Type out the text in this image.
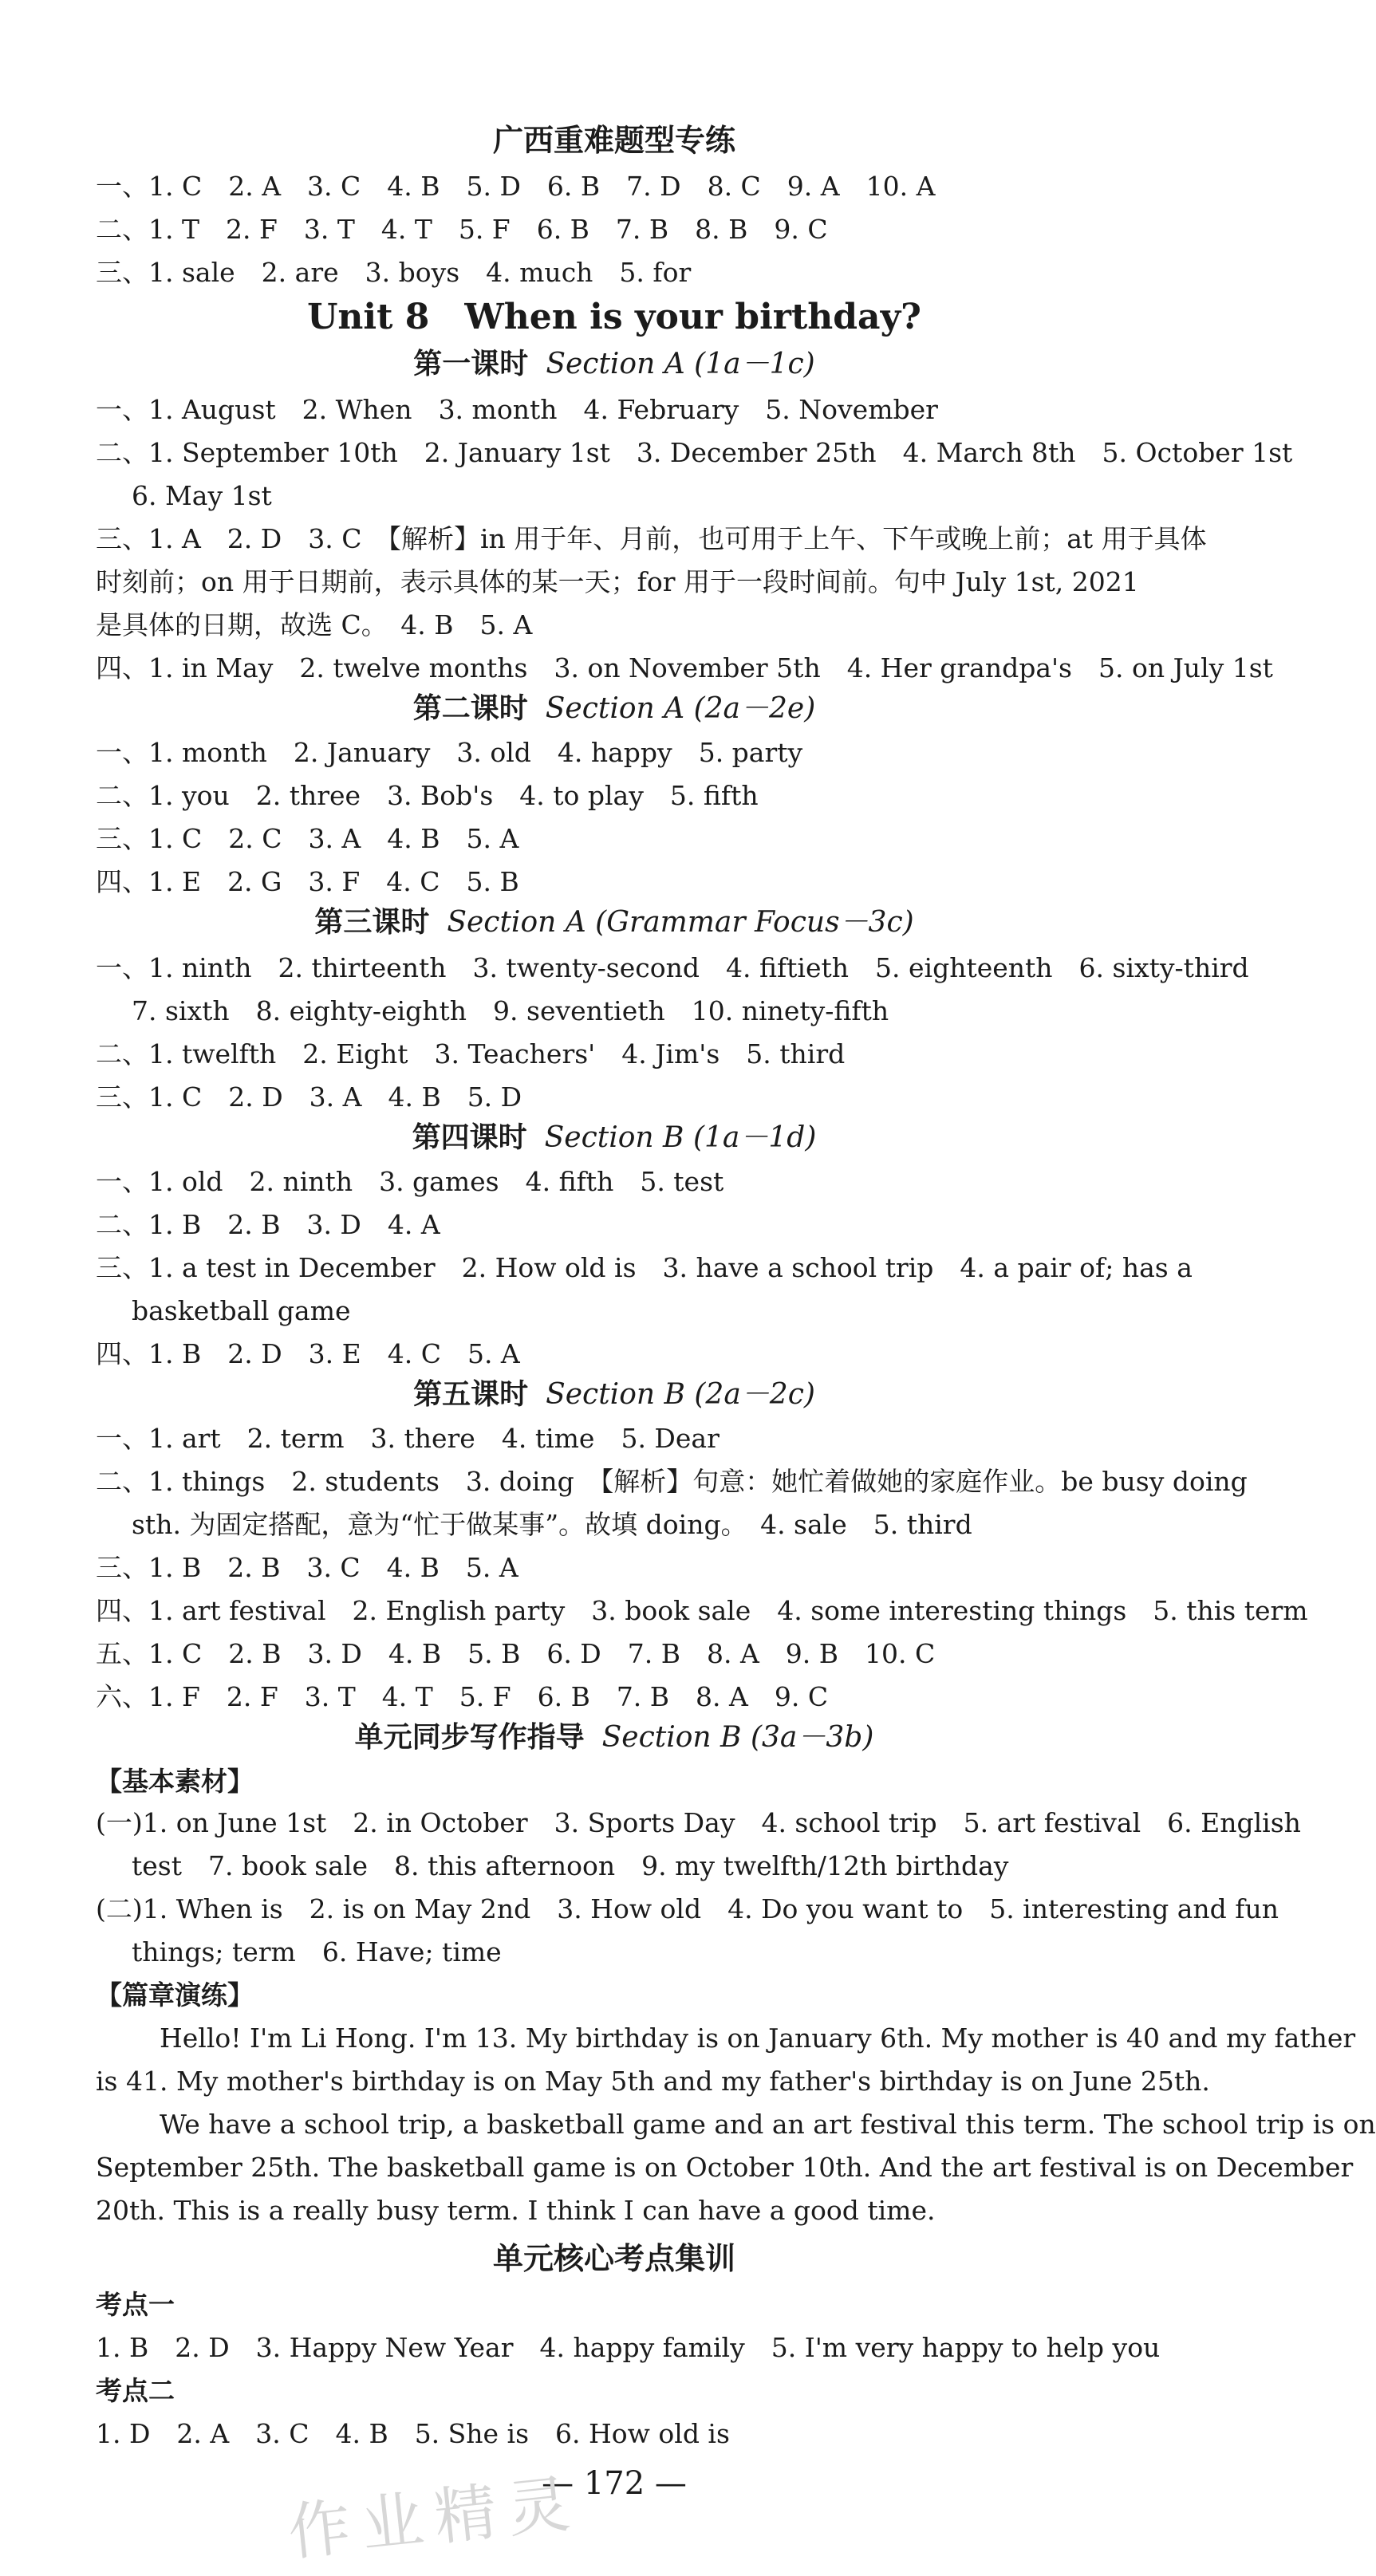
广西重难题型专练
一、1. C　2. A　3. C　4. B　5. D　6. B　7. D　8. C　9. A　10. A
二、1. T　2. F　3. T　4. T　5. F　6. B　7. B　8. B　9. C
三、1. sale　2. are　3. boys　4. much　5. for
Unit 8　When is your birthday?
第一课时 Section A (1a－1c)
一、1. August　2. When　3. month　4. February　5. November
二、1. September 10th　2. January 1st　3. December 25th　4. March 8th　5. October 1st
6. May 1st
三、1. A　2. D　3. C　【解析】in 用于年、月前，也可用于上午、下午或晚上前；at 用于具体
时刻前；on 用于日期前，表示具体的某一天；for 用于一段时间前。句中 July 1st, 2021
是具体的日期，故选 C。　4. B　5. A
四、1. in May　2. twelve months　3. on November 5th　4. Her grandpa's　5. on July 1st
第二课时 Section A (2a－2e)
一、1. month　2. January　3. old　4. happy　5. party
二、1. you　2. three　3. Bob's　4. to play　5. fifth
三、1. C　2. C　3. A　4. B　5. A
四、1. E　2. G　3. F　4. C　5. B
第三课时 Section A (Grammar Focus－3c)
一、1. ninth　2. thirteenth　3. twenty-second　4. fiftieth　5. eighteenth　6. sixty-third
7. sixth　8. eighty-eighth　9. seventieth　10. ninety-fifth
二、1. twelfth　2. Eight　3. Teachers'　4. Jim's　5. third
三、1. C　2. D　3. A　4. B　5. D
第四课时 Section B (1a－1d)
一、1. old　2. ninth　3. games　4. fifth　5. test
二、1. B　2. B　3. D　4. A
三、1. a test in December　2. How old is　3. have a school trip　4. a pair of; has a
basketball game
四、1. B　2. D　3. E　4. C　5. A
第五课时 Section B (2a－2c)
一、1. art　2. term　3. there　4. time　5. Dear
二、1. things　2. students　3. doing　【解析】句意：她忙着做她的家庭作业。be busy doing
sth. 为固定搭配，意为“忙于做某事”。故填 doing。　4. sale　5. third
三、1. B　2. B　3. C　4. B　5. A
四、1. art festival　2. English party　3. book sale　4. some interesting things　5. this term
五、1. C　2. B　3. D　4. B　5. B　6. D　7. B　8. A　9. B　10. C
六、1. F　2. F　3. T　4. T　5. F　6. B　7. B　8. A　9. C
单元同步写作指导 Section B (3a－3b)
【基本素材】
(一)1. on June 1st　2. in October　3. Sports Day　4. school trip　5. art festival　6. English
test　7. book sale　8. this afternoon　9. my twelfth/12th birthday
(二)1. When is　2. is on May 2nd　3. How old　4. Do you want to　5. interesting and fun
things; term　6. Have; time
【篇章演练】
Hello! I'm Li Hong. I'm 13. My birthday is on January 6th. My mother is 40 and my father
is 41. My mother's birthday is on May 5th and my father's birthday is on June 25th.
We have a school trip, a basketball game and an art festival this term. The school trip is on
September 25th. The basketball game is on October 10th. And the art festival is on December
20th. This is a really busy term. I think I can have a good time.
单元核心考点集训
考点一
1. B　2. D　3. Happy New Year　4. happy family　5. I'm very happy to help you
考点二
1. D　2. A　3. C　4. B　5. She is　6. How old is
— 172 —
作业精灵
